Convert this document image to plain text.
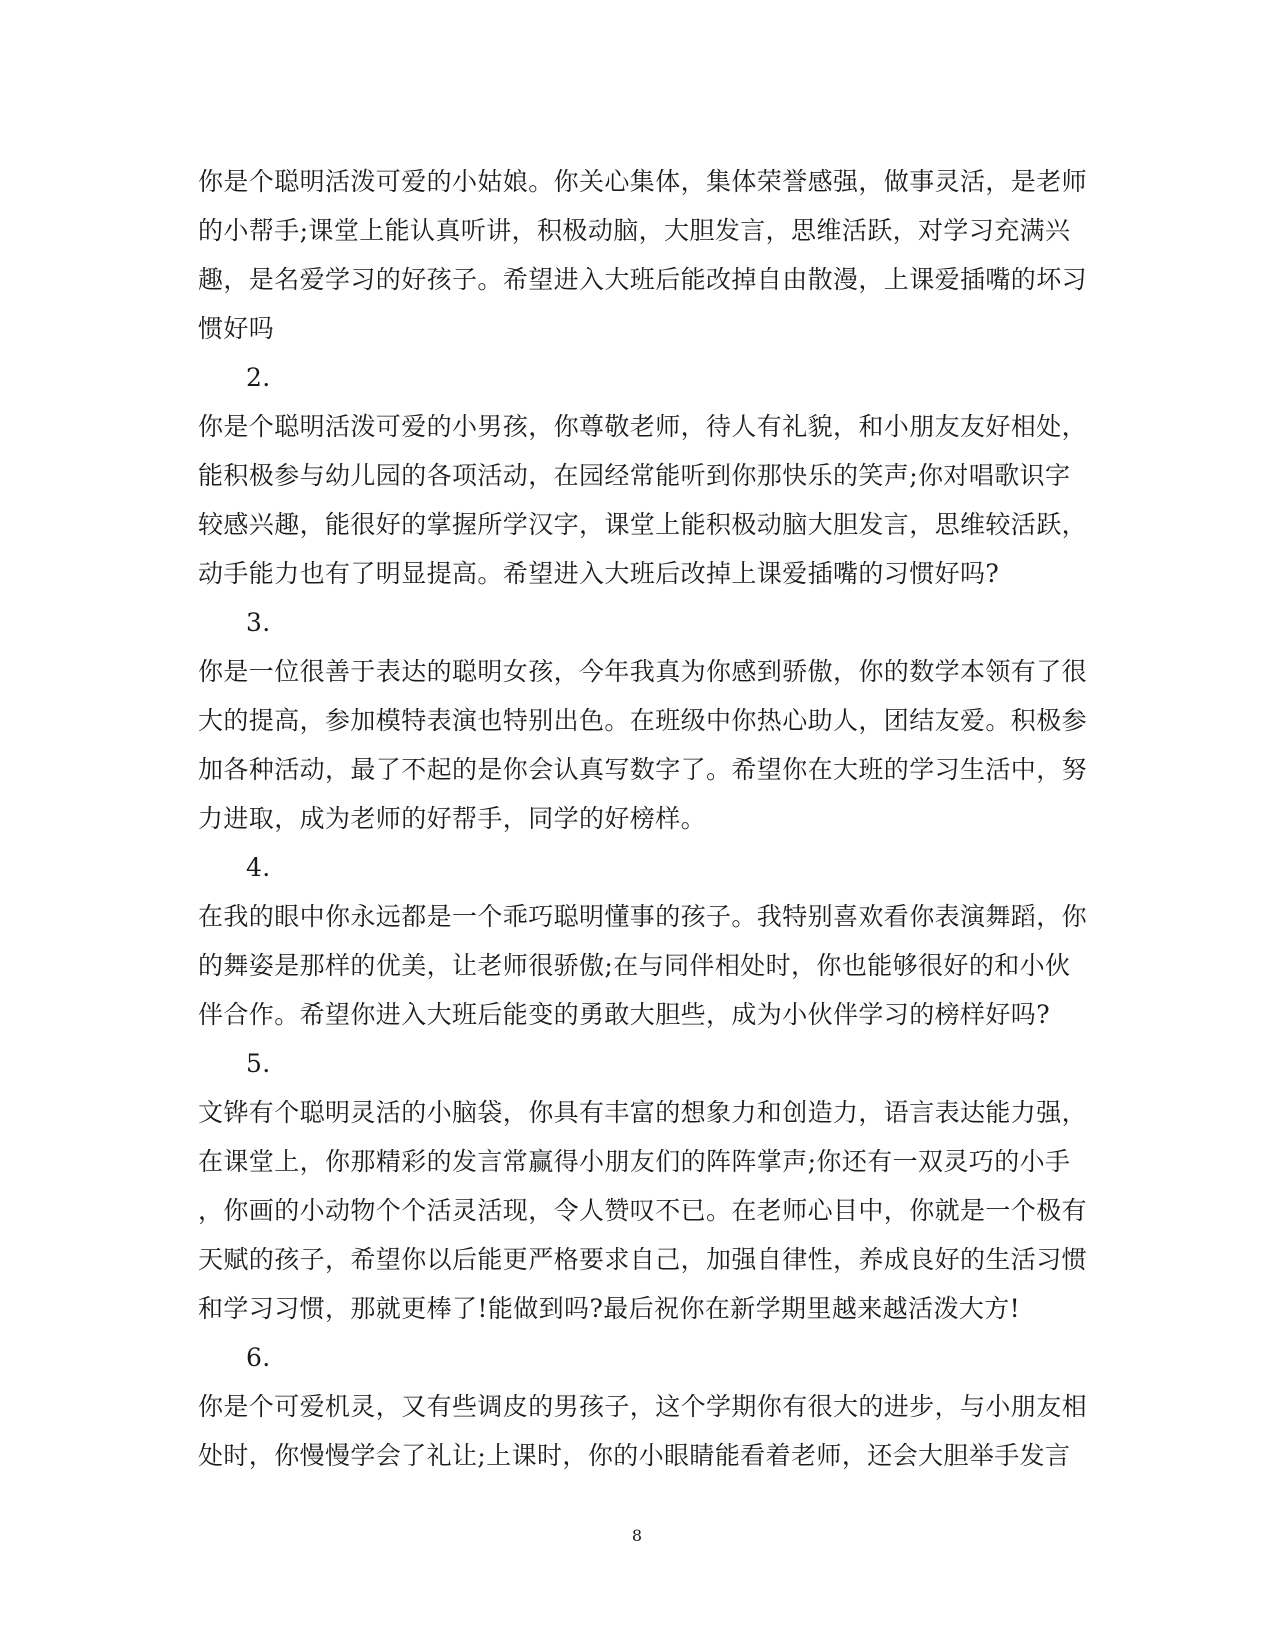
你是个聪明活泼可爱的小姑娘。你关心集体，集体荣誉感强，做事灵活，是老师
的小帮手;课堂上能认真听讲，积极动脑，大胆发言，思维活跃，对学习充满兴
趣，是名爱学习的好孩子。希望进入大班后能改掉自由散漫，上课爱插嘴的坏习
惯好吗
2.
你是个聪明活泼可爱的小男孩，你尊敬老师，待人有礼貌，和小朋友友好相处，
能积极参与幼儿园的各项活动，在园经常能听到你那快乐的笑声;你对唱歌识字
较感兴趣，能很好的掌握所学汉字，课堂上能积极动脑大胆发言，思维较活跃，
动手能力也有了明显提高。希望进入大班后改掉上课爱插嘴的习惯好吗?
3.
你是一位很善于表达的聪明女孩，今年我真为你感到骄傲，你的数学本领有了很
大的提高，参加模特表演也特别出色。在班级中你热心助人，团结友爱。积极参
加各种活动，最了不起的是你会认真写数字了。希望你在大班的学习生活中，努
力进取，成为老师的好帮手，同学的好榜样。
4.
在我的眼中你永远都是一个乖巧聪明懂事的孩子。我特别喜欢看你表演舞蹈，你
的舞姿是那样的优美，让老师很骄傲;在与同伴相处时，你也能够很好的和小伙
伴合作。希望你进入大班后能变的勇敢大胆些，成为小伙伴学习的榜样好吗?
5.
文铧有个聪明灵活的小脑袋，你具有丰富的想象力和创造力，语言表达能力强，
在课堂上，你那精彩的发言常赢得小朋友们的阵阵掌声;你还有一双灵巧的小手
，你画的小动物个个活灵活现，令人赞叹不已。在老师心目中，你就是一个极有
天赋的孩子，希望你以后能更严格要求自己，加强自律性，养成良好的生活习惯
和学习习惯，那就更棒了!能做到吗?最后祝你在新学期里越来越活泼大方!
6.
你是个可爱机灵，又有些调皮的男孩子，这个学期你有很大的进步，与小朋友相
处时，你慢慢学会了礼让;上课时，你的小眼睛能看着老师，还会大胆举手发言
8
